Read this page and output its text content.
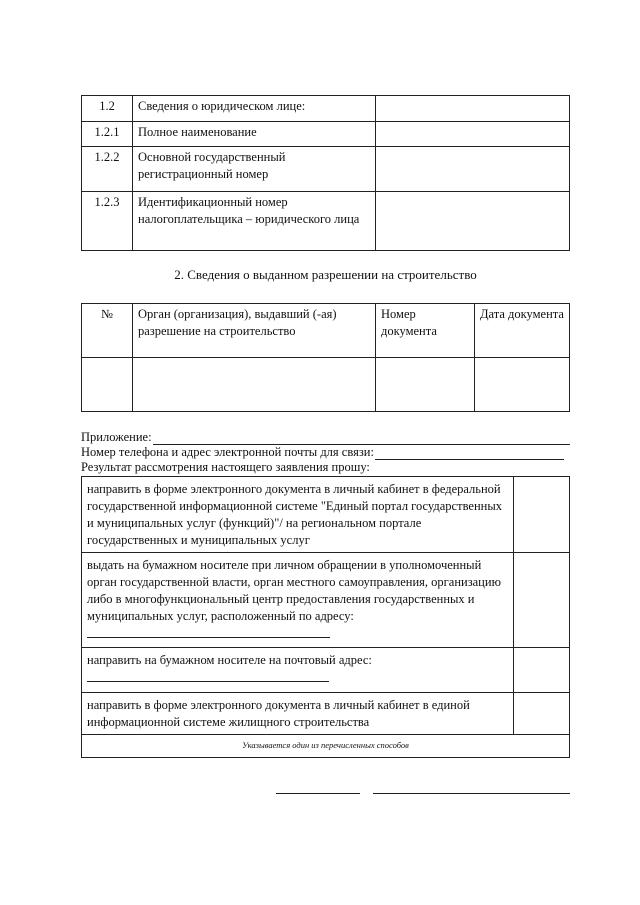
1.2	Сведения о юридическом лице:	
1.2.1	Полное наименование	
1.2.2	Основной государственный регистрационный номер	
1.2.3	Идентификационный номер налогоплательщика – юридического лица	
2. Сведения о выданном разрешении на строительство
№	Орган (организация), выдавший (-ая) разрешение на строительство	Номер документа	Дата документа

Приложение:
Номер телефона и адрес электронной почты для связи:
Результат рассмотрения настоящего заявления прошу:
направить в форме электронного документа в личный кабинет в федеральной государственной информационной системе "Единый портал государственных и муниципальных услуг (функций)"/ на региональном портале государственных и муниципальных услуг	
выдать на бумажном носителе при личном обращении в уполномоченный орган государственной власти, орган местного самоуправления, организацию либо в многофункциональный центр предоставления государственных и муниципальных услуг, расположенный по адресу:	
направить на бумажном носителе на почтовый адрес:	
направить в форме электронного документа в личный кабинет в единой информационной системе жилищного строительства	
Указывается один из перечисленных способов	
